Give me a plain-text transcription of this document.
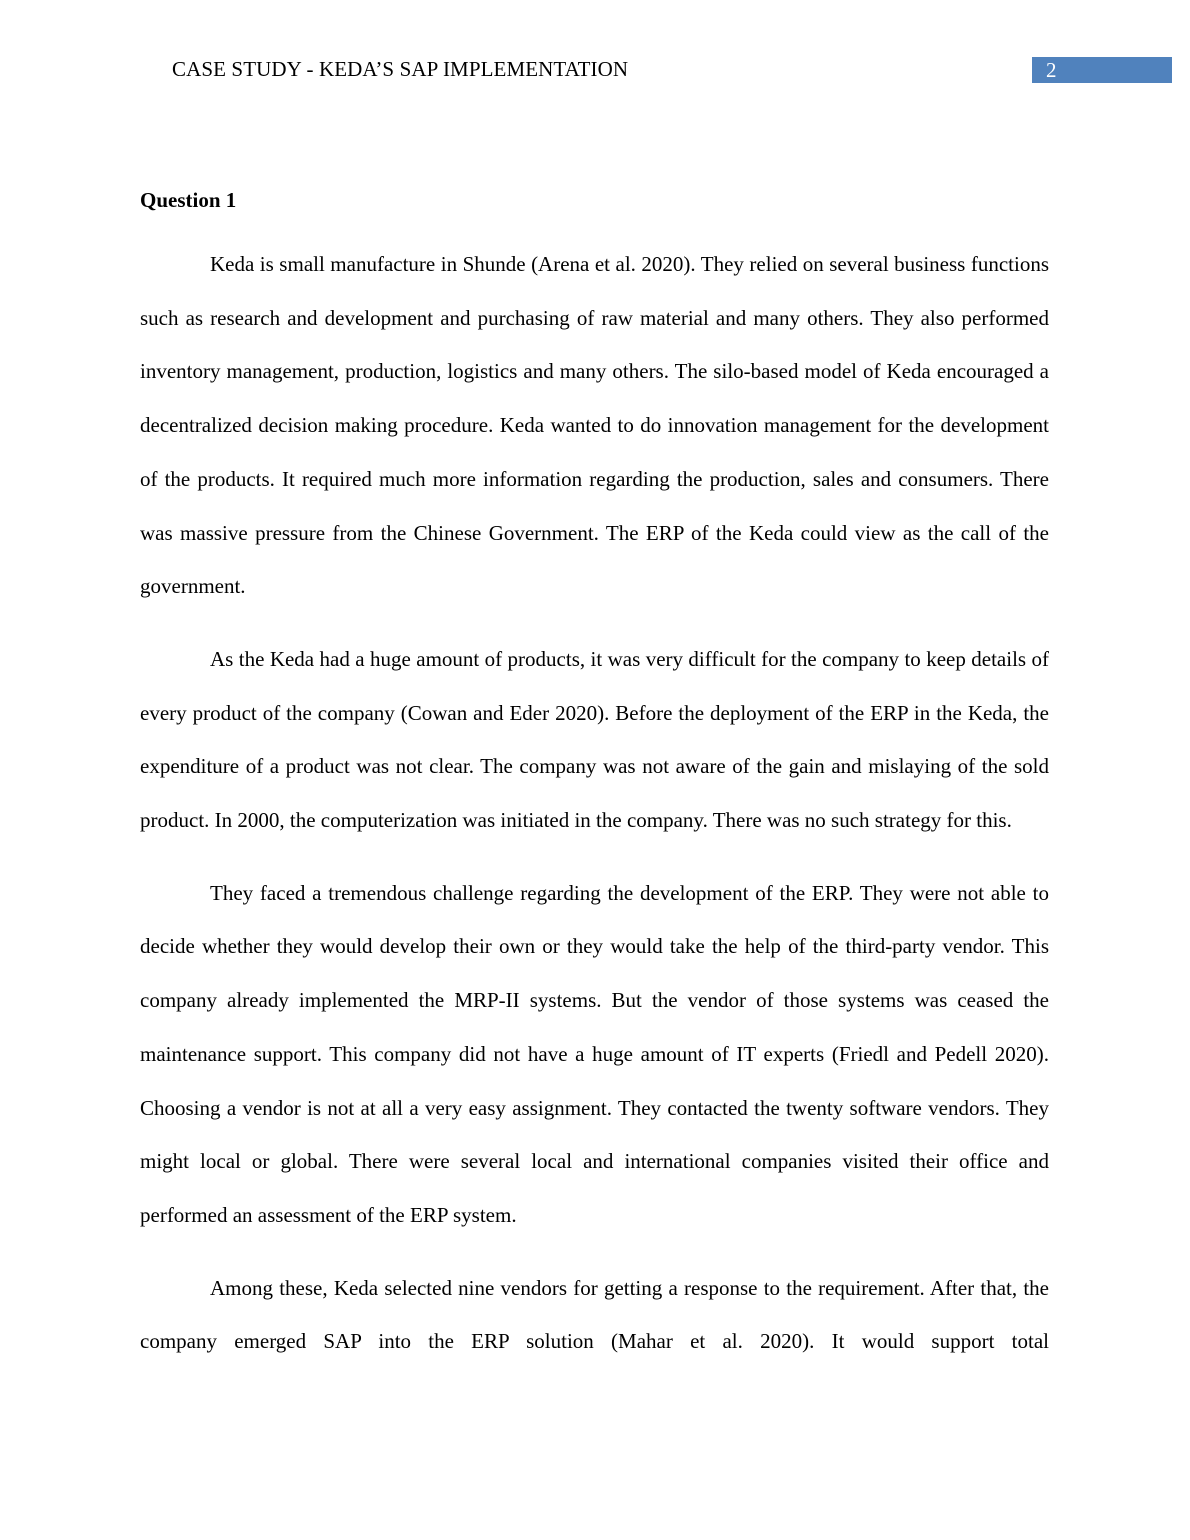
CASE STUDY - KEDA’S SAP IMPLEMENTATION	2
Question 1

Keda is small manufacture in Shunde (Arena et al. 2020). They relied on several business functions such as research and development and purchasing of raw material and many others. They also performed inventory management, production, logistics and many others. The silo-based model of Keda encouraged a decentralized decision making procedure. Keda wanted to do innovation management for the development of the products. It required much more information regarding the production, sales and consumers. There was massive pressure from the Chinese Government. The ERP of the Keda could view as the call of the government.

As the Keda had a huge amount of products, it was very difficult for the company to keep details of every product of the company (Cowan and Eder 2020). Before the deployment of the ERP in the Keda, the expenditure of a product was not clear. The company was not aware of the gain and mislaying of the sold product. In 2000, the computerization was initiated in the company. There was no such strategy for this.

They faced a tremendous challenge regarding the development of the ERP. They were not able to decide whether they would develop their own or they would take the help of the third-party vendor. This company already implemented the MRP-II systems. But the vendor of those systems was ceased the maintenance support. This company did not have a huge amount of IT experts (Friedl and Pedell 2020). Choosing a vendor is not at all a very easy assignment. They contacted the twenty software vendors. They might local or global. There were several local and international companies visited their office and performed an assessment of the ERP system.

Among these, Keda selected nine vendors for getting a response to the requirement. After that, the company emerged SAP into the ERP solution (Mahar et al. 2020). It would support total
